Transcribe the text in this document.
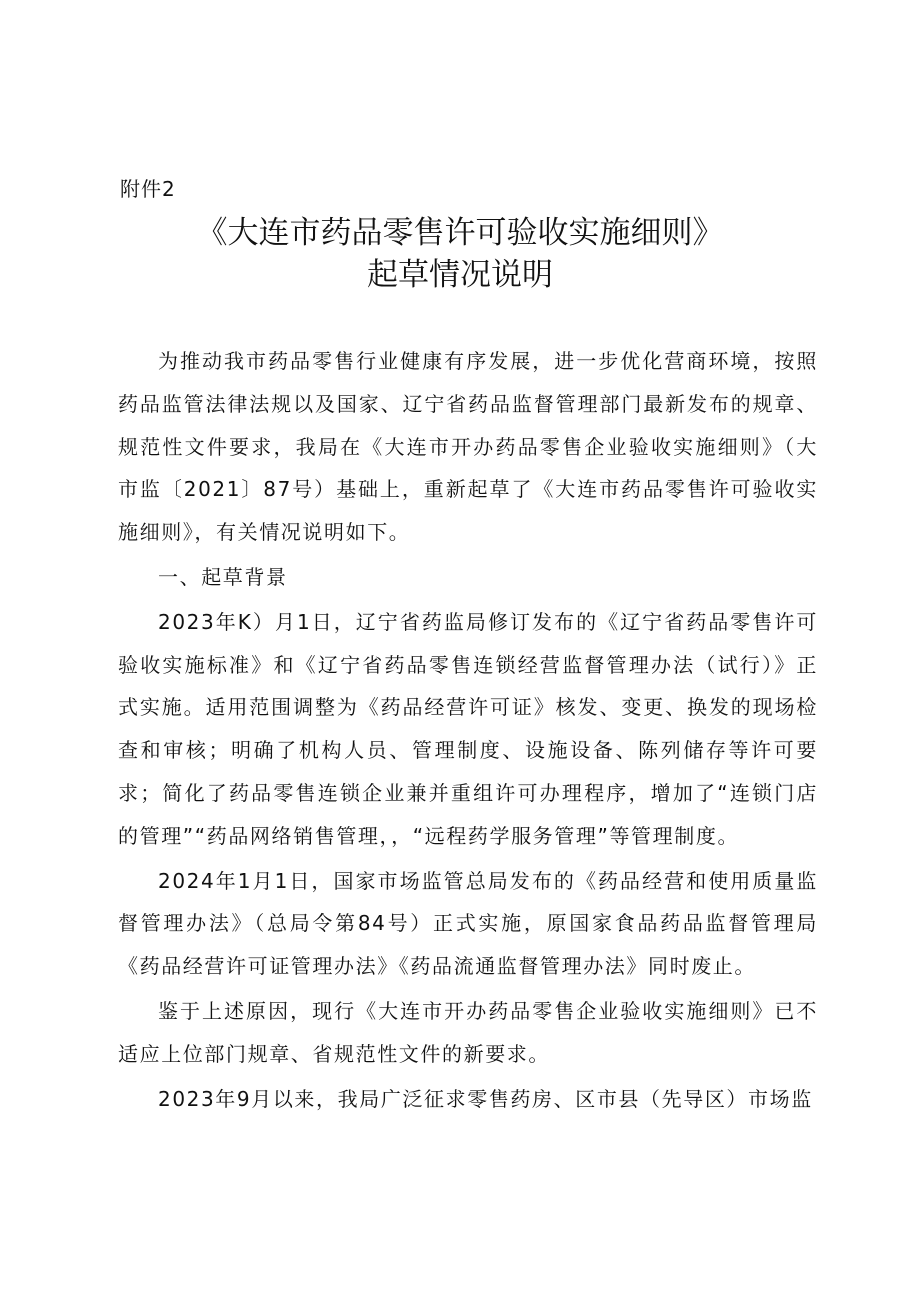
附件2
《大连市药品零售许可验收实施细则》
起草情况说明

为推动我市药品零售行业健康有序发展，进一步优化营商环境，按照药品监管法律法规以及国家、辽宁省药品监督管理部门最新发布的规章、规范性文件要求，我局在《大连市开办药品零售企业验收实施细则》（大市监〔2021〕87号）基础上，重新起草了《大连市药品零售许可验收实施细则》，有关情况说明如下。

一、起草背景

2023年K）月1日，辽宁省药监局修订发布的《辽宁省药品零售许可验收实施标准》和《辽宁省药品零售连锁经营监督管理办法（试行）》正式实施。适用范围调整为《药品经营许可证》核发、变更、换发的现场检查和审核；明确了机构人员、管理制度、设施设备、陈列储存等许可要求；简化了药品零售连锁企业兼并重组许可办理程序，增加了“连锁门店的管理”“药品网络销售管理，，“远程药学服务管理”等管理制度。

2024年1月1日，国家市场监管总局发布的《药品经营和使用质量监督管理办法》（总局令第84号）正式实施，原国家食品药品监督管理局《药品经营许可证管理办法》《药品流通监督管理办法》同时废止。

鉴于上述原因，现行《大连市开办药品零售企业验收实施细则》已不适应上位部门规章、省规范性文件的新要求。

2023年9月以来，我局广泛征求零售药房、区市县（先导区）市场监
